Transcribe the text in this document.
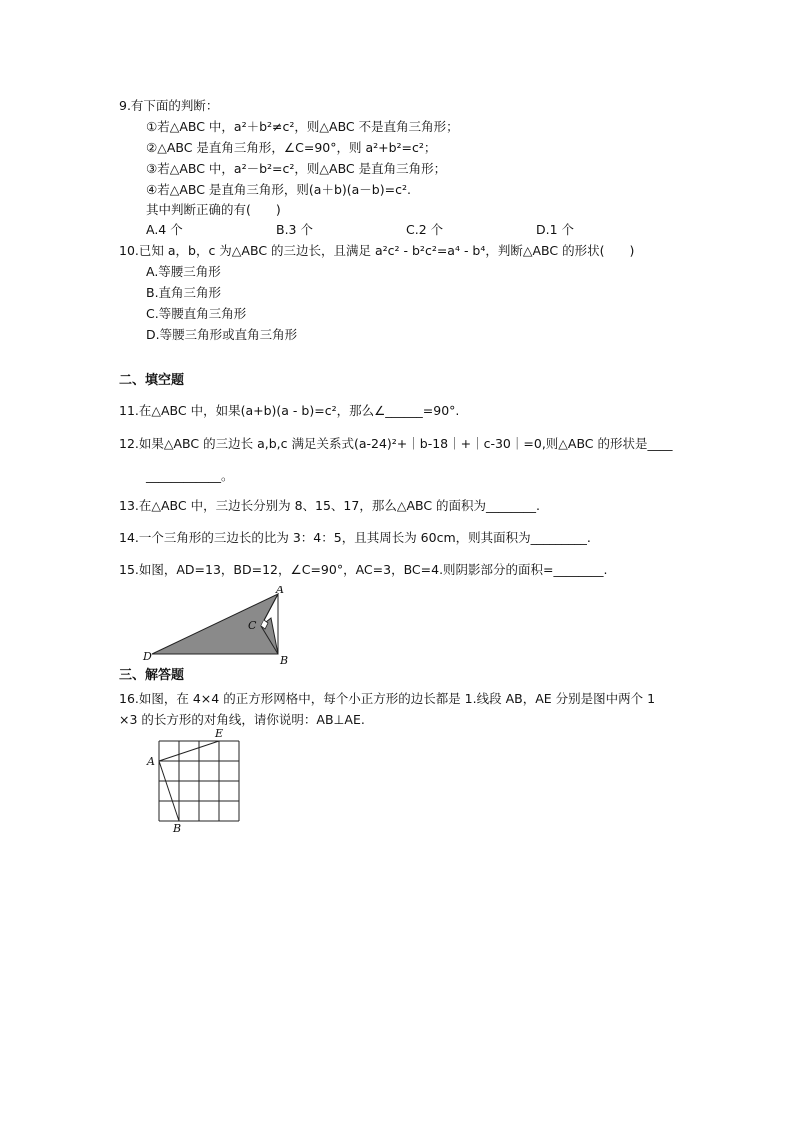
9.有下面的判断：
①若△ABC 中，a²＋b²≠c²，则△ABC 不是直角三角形；
②△ABC 是直角三角形，∠C=90°，则 a²+b²=c²；
③若△ABC 中，a²－b²=c²，则△ABC 是直角三角形；
④若△ABC 是直角三角形，则(a＋b)(a－b)=c².
其中判断正确的有(　　)
A.4 个	B.3 个	C.2 个	D.1 个
10.已知 a，b，c 为△ABC 的三边长，且满足 a²c² - b²c²=a⁴ - b⁴，判断△ABC 的形状(　　)
A.等腰三角形
B.直角三角形
C.等腰直角三角形
D.等腰三角形或直角三角形
二、填空题
11.在△ABC 中，如果(a+b)(a - b)=c²，那么∠______=90°.
12.如果△ABC 的三边长 a,b,c 满足关系式(a-24)²+｜b-18｜+｜c-30｜=0,则△ABC 的形状是____
____________。
13.在△ABC 中，三边长分别为 8、15、17，那么△ABC 的面积为________.
14.一个三角形的三边长的比为 3：4：5，且其周长为 60cm，则其面积为_________.
15.如图，AD=13，BD=12，∠C=90°，AC=3，BC=4.则阴影部分的面积=________.
A
B
C
D
三、解答题
16.如图，在 4×4 的正方形网格中，每个小正方形的边长都是 1.线段 AB，AE 分别是图中两个 1
×3 的长方形的对角线，请你说明：AB⊥AE.
E
A
B
